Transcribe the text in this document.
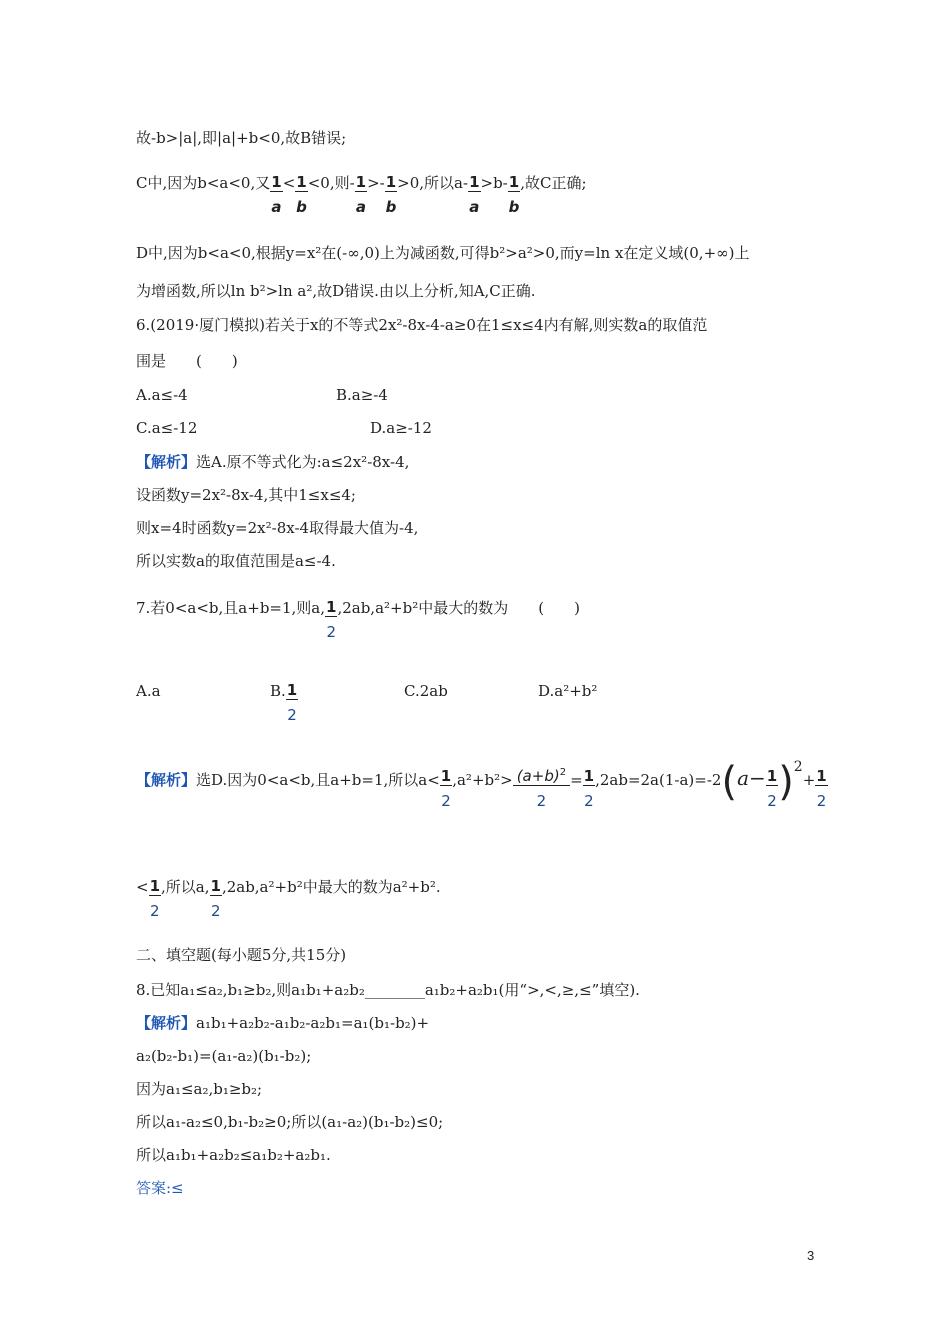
故-b>|a|,即|a|+b<0,故B错误;
C中,因为b<a<0,又 $\frac{1}{a} < \frac{1}{b} <0$,则- $\frac{1}{a} >- \frac{1}{b} >0$,所以$a- \frac{1}{a} >b- \frac{1}{b}$ ,故C正确;
D中,因为b<a<0,根据y=x²在(-∞,0)上为减函数,可得b²>a²>0,而y=ln x在定义域(0,+∞)上
为增函数,所以ln b²>ln a²,故D错误.由以上分析,知A,C正确.
6.(2019·厦门模拟)若关于x的不等式2x²-8x-4-a≥0在1≤x≤4内有解,则实数a的取值范
围是　　(　　)
A.a≤-4	B.a≥-4
C.a≤-12	D.a≥-12
【解析】选A.原不等式化为:a≤2x²-8x-4,
设函数y=2x²-8x-4,其中1≤x≤4;
则x=4时函数y=2x²-8x-4取得最大值为-4,
所以实数a的取值范围是a≤-4.
7.若0<a<b,且a+b=1,则a, $\frac{1}{2} ,2ab,a^2+b^2$中最大的数为　　(　　)
A.a	B. $\frac{1}{2}$	C.2ab	D.a²+b²
【解析】选D.因为0<a<b,且a+b=1,所以$a< \frac{1}{2} ,a^2+b^2> \frac{(a+b)^2}{2} = \frac{1}{2} ,2ab=2a(1-a)=-2(a- \frac{1}{2} )^2+ \frac{1}{2}$
< $\frac{1}{2}$ ,所以a, $\frac{1}{2} ,2ab,a^2+b^2$中最大的数为a²+b².
二、填空题(每小题5分,共15分)
8.已知a₁≤a₂,b₁≥b₂,则a₁b₁+a₂b₂________a₁b₂+a₂b₁(用“>,<,≥,≤”填空).
【解析】a₁b₁+a₂b₂-a₁b₂-a₂b₁=a₁(b₁-b₂)+
a₂(b₂-b₁)=(a₁-a₂)(b₁-b₂);
因为a₁≤a₂,b₁≥b₂;
所以a₁-a₂≤0,b₁-b₂≥0;所以(a₁-a₂)(b₁-b₂)≤0;
所以a₁b₁+a₂b₂≤a₁b₂+a₂b₁.
答案:≤
3
